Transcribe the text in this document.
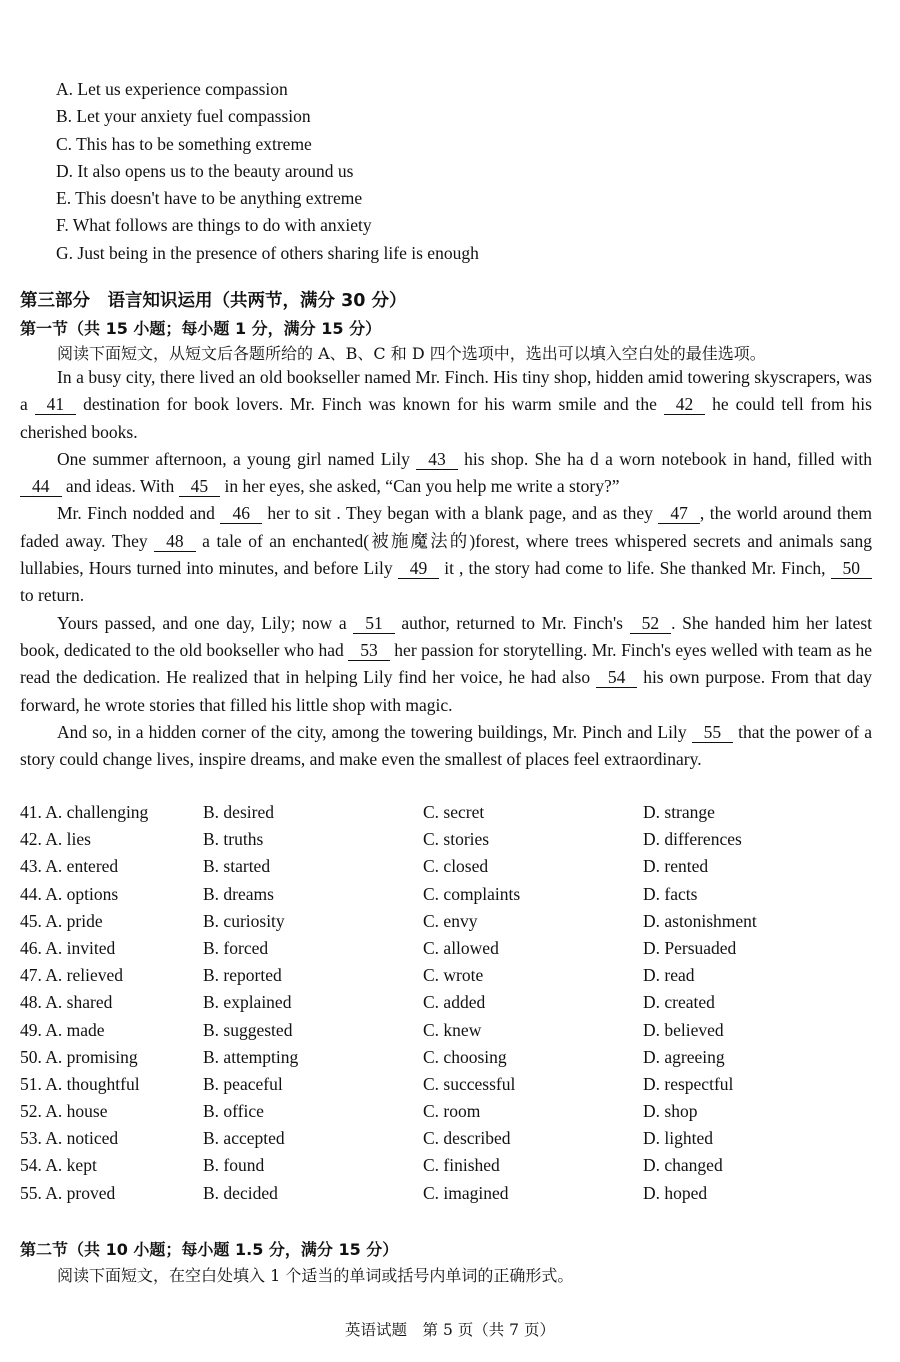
A. Let us experience compassion
B. Let your anxiety fuel compassion
C. This has to be something extreme
D. It also opens us to the beauty around us
E. This doesn't have to be anything extreme
F. What follows are things to do with anxiety
G. Just being in the presence of others sharing life is enough
第三部分　语言知识运用（共两节，满分 30 分）
第一节（共 15 小题；每小题 1 分，满分 15 分）
阅读下面短文，从短文后各题所给的 A、B、C 和 D 四个选项中，选出可以填入空白处的最佳选项。

In a busy city, there lived an old bookseller named Mr. Finch. His tiny shop, hidden amid towering skyscrapers, was a 41 destination for book lovers. Mr. Finch was known for his warm smile and the 42 he could tell from his cherished books.

One summer afternoon, a young girl named Lily 43 his shop. She ha d a worn notebook in hand, filled with 44 and ideas. With 45 in her eyes, she asked, “Can you help me write a story?”

Mr. Finch nodded and 46 her to sit . They began with a blank page, and as they 47 , the world around them faded away. They 48 a tale of an enchanted(被施魔法的)forest, where trees whispered secrets and animals sang lullabies, Hours turned into minutes, and before Lily 49 it , the story had come to life. She thanked Mr. Finch, 50 to return.

Yours passed, and one day, Lily; now a 51 author, returned to Mr. Finch's 52 . She handed him her latest book, dedicated to the old bookseller who had 53 her passion for storytelling. Mr. Finch's eyes welled with team as he read the dedication. He realized that in helping Lily find her voice, he had also 54 his own purpose. From that day forward, he wrote stories that filled his little shop with magic.

And so, in a hidden corner of the city, among the towering buildings, Mr. Pinch and Lily 55 that the power of a story could change lives, inspire dreams, and make even the smallest of places feel extraordinary.

41. A. challenging	B. desired	C. secret	D. strange
42. A. lies	B. truths	C. stories	D. differences
43. A. entered	B. started	C. closed	D. rented
44. A. options	B. dreams	C. complaints	D. facts
45. A. pride	B. curiosity	C. envy	D. astonishment
46. A. invited	B. forced	C. allowed	D. Persuaded
47. A. relieved	B. reported	C. wrote	D. read
48. A. shared	B. explained	C. added	D. created
49. A. made	B. suggested	C. knew	D. believed
50. A. promising	B. attempting	C. choosing	D. agreeing
51. A. thoughtful	B. peaceful	C. successful	D. respectful
52. A. house	B. office	C. room	D. shop
53. A. noticed	B. accepted	C. described	D. lighted
54. A. kept	B. found	C. finished	D. changed
55. A. proved	B. decided	C. imagined	D. hoped
第二节（共 10 小题；每小题 1.5 分，满分 15 分）
阅读下面短文，在空白处填入 1 个适当的单词或括号内单词的正确形式。
英语试题　第 5 页（共 7 页）
